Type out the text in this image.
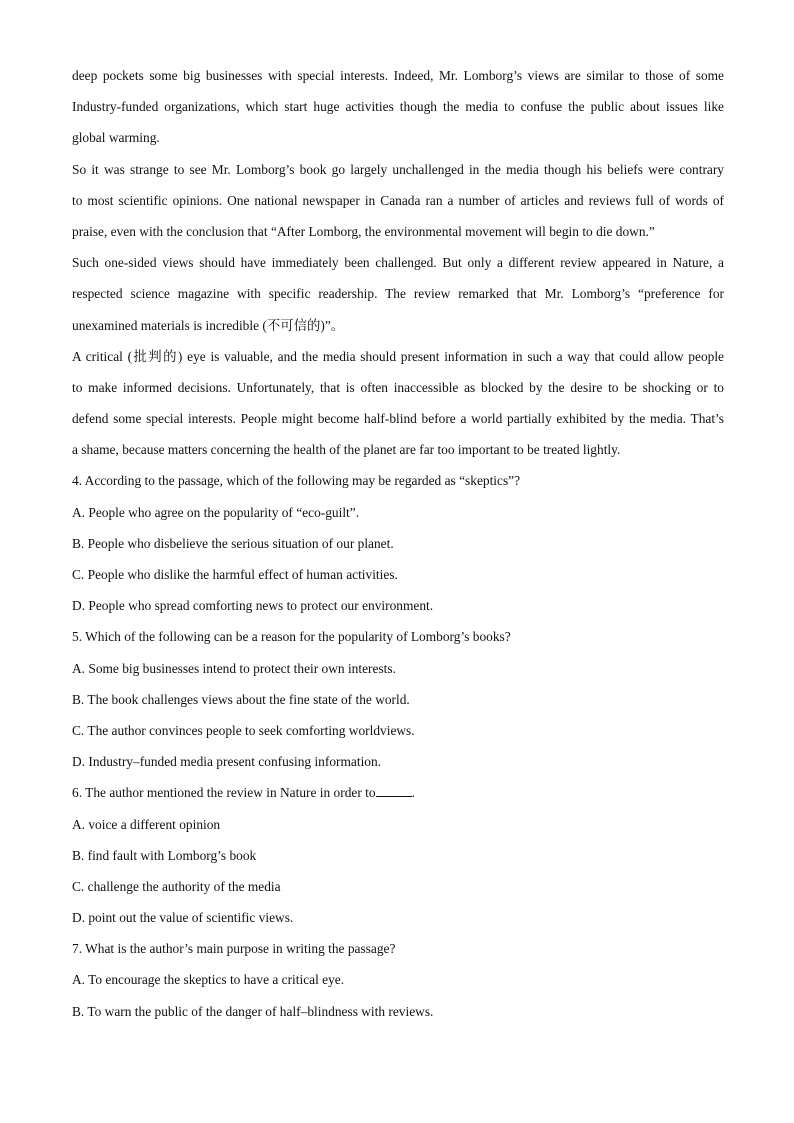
deep pockets some big businesses with special interests. Indeed, Mr. Lomborg’s views are similar to those of some
Industry-funded organizations, which start huge activities though the media to confuse the public about issues like
global warming.
So it was strange to see Mr. Lomborg’s book go largely unchallenged in the media though his beliefs were contrary
to most scientific opinions. One national newspaper in Canada ran a number of articles and reviews full of words of
praise, even with the conclusion that “After Lomborg, the environmental movement will begin to die down.”
Such one-sided views should have immediately been challenged. But only a different review appeared in Nature, a
respected science magazine with specific readership. The review remarked that Mr. Lomborg’s “preference for
unexamined materials is incredible (不可信的)”。
A critical (批判的) eye is valuable, and the media should present information in such a way that could allow people
to make informed decisions. Unfortunately, that is often inaccessible as blocked by the desire to be shocking or to
defend some special interests. People might become half-blind before a world partially exhibited by the media. That’s
a shame, because matters concerning the health of the planet are far too important to be treated lightly.
4. According to the passage, which of the following may be regarded as “skeptics”?
A. People who agree on the popularity of “eco-guilt”.
B. People who disbelieve the serious situation of our planet.
C. People who dislike the harmful effect of human activities.
D. People who spread comforting news to protect our environment.
5. Which of the following can be a reason for the popularity of Lomborg’s books?
A. Some big businesses intend to protect their own interests.
B. The book challenges views about the fine state of the world.
C. The author convinces people to seek comforting worldviews.
D. Industry–funded media present confusing information.
6. The author mentioned the review in Nature in order to	.
A. voice a different opinion
B. find fault with Lomborg’s book
C. challenge the authority of the media
D. point out the value of scientific views.
7. What is the author’s main purpose in writing the passage?
A. To encourage the skeptics to have a critical eye.
B. To warn the public of the danger of half–blindness with reviews.
